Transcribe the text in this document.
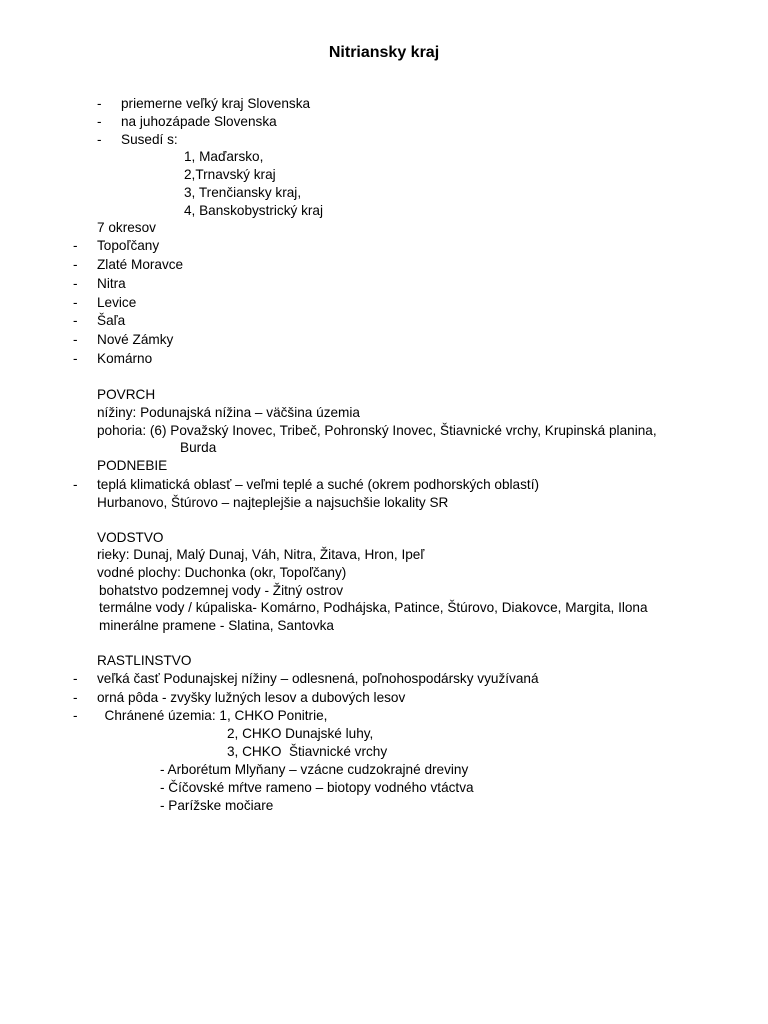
Nitriansky kraj
- priemerne veľký kraj Slovenska
- na juhozápade Slovenska
- Susedí s:
1, Maďarsko,
2,Trnavský kraj
3, Trenčiansky kraj,
4, Banskobystrický kraj
7 okresov
- Topoľčany
- Zlaté Moravce
- Nitra
- Levice
- Šaľa
- Nové Zámky
- Komárno
POVRCH
nížiny: Podunajská nížina – väčšina územia
pohoria: (6) Považský Inovec, Tribeč, Pohronský Inovec, Štiavnické vrchy, Krupinská planina,
Burda
PODNEBIE
- teplá klimatická oblasť – veľmi teplé a suché (okrem podhorských oblastí)
Hurbanovo, Štúrovo – najteplejšie a najsuchšie lokality SR
VODSTVO
rieky: Dunaj, Malý Dunaj, Váh, Nitra, Žitava, Hron, Ipeľ
vodné plochy: Duchonka (okr, Topoľčany)
bohatstvo podzemnej vody - Žitný ostrov
termálne vody / kúpaliska- Komárno, Podhájska, Patince, Štúrovo, Diakovce, Margita, Ilona
minerálne pramene - Slatina, Santovka
RASTLINSTVO
- veľká časť Podunajskej nížiny – odlesnená, poľnohospodársky využívaná
- orná pôda - zvyšky lužných lesov a dubových lesov
- Chránené územia: 1, CHKO Ponitrie,
2, CHKO Dunajské luhy,
3, CHKO  Štiavnické vrchy
- Arborétum Mlyňany – vzácne cudzokrajné dreviny
- Číčovské mŕtve rameno – biotopy vodného vtáctva
- Parížske močiare
